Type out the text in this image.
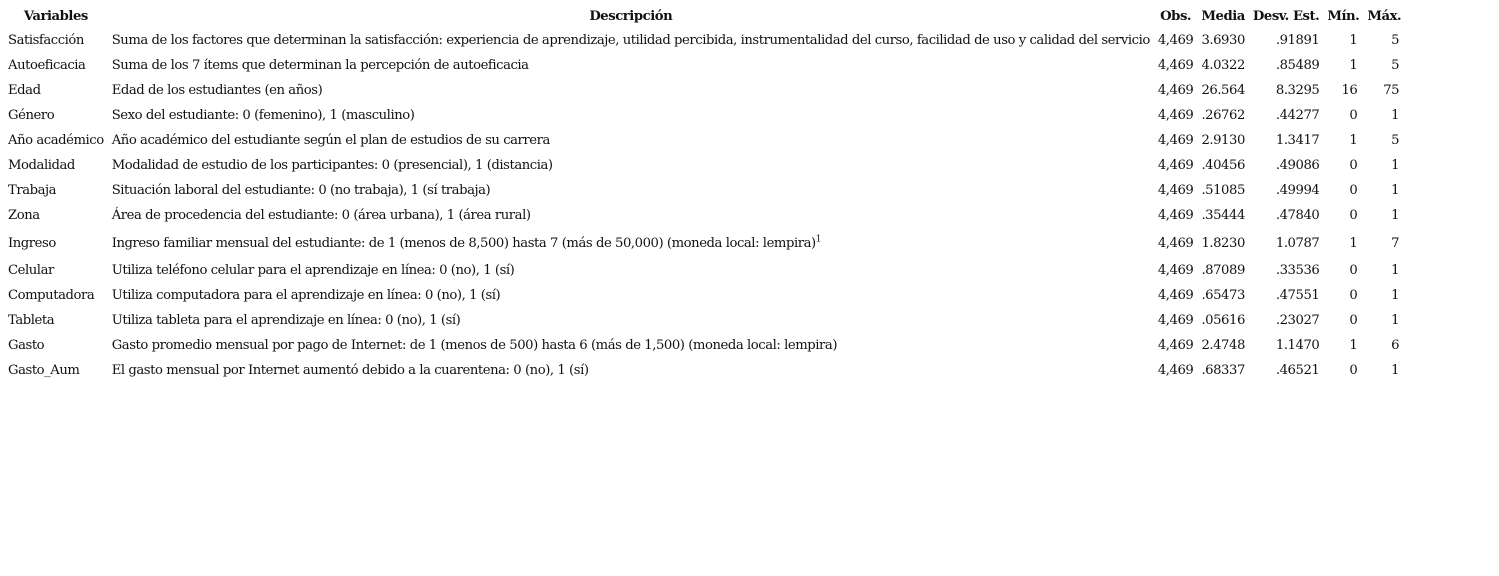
Variables	Descripción	Obs.	Media	Desv. Est.	Mín.	Máx.
Satisfacción	Suma de los factores que determinan la satisfacción: experiencia de aprendizaje, utilidad percibida, instrumentalidad del curso, facilidad de uso y calidad del servicio	4,469	3.6930	.91891	1	5
Autoeficacia	Suma de los 7 ítems que determinan la percepción de autoeficacia	4,469	4.0322	.85489	1	5
Edad	Edad de los estudiantes (en años)	4,469	26.564	8.3295	16	75
Género	Sexo del estudiante: 0 (femenino), 1 (masculino)	4,469	.26762	.44277	0	1
Año académico	Año académico del estudiante según el plan de estudios de su carrera	4,469	2.9130	1.3417	1	5
Modalidad	Modalidad de estudio de los participantes: 0 (presencial), 1 (distancia)	4,469	.40456	.49086	0	1
Trabaja	Situación laboral del estudiante: 0 (no trabaja), 1 (sí trabaja)	4,469	.51085	.49994	0	1
Zona	Área de procedencia del estudiante: 0 (área urbana), 1 (área rural)	4,469	.35444	.47840	0	1
Ingreso	Ingreso familiar mensual del estudiante: de 1 (menos de 8,500) hasta 7 (más de 50,000) (moneda local: lempira)$^1$	4,469	1.8230	1.0787	1	7
Celular	Utiliza teléfono celular para el aprendizaje en línea: 0 (no), 1 (sí)	4,469	.87089	.33536	0	1
Computadora	Utiliza computadora para el aprendizaje en línea: 0 (no), 1 (sí)	4,469	.65473	.47551	0	1
Tableta	Utiliza tableta para el aprendizaje en línea: 0 (no), 1 (sí)	4,469	.05616	.23027	0	1
Gasto	Gasto promedio mensual por pago de Internet: de 1 (menos de 500) hasta 6 (más de 1,500) (moneda local: lempira)	4,469	2.4748	1.1470	1	6
Gasto_Aum	El gasto mensual por Internet aumentó debido a la cuarentena: 0 (no), 1 (sí)	4,469	.68337	.46521	0	1
